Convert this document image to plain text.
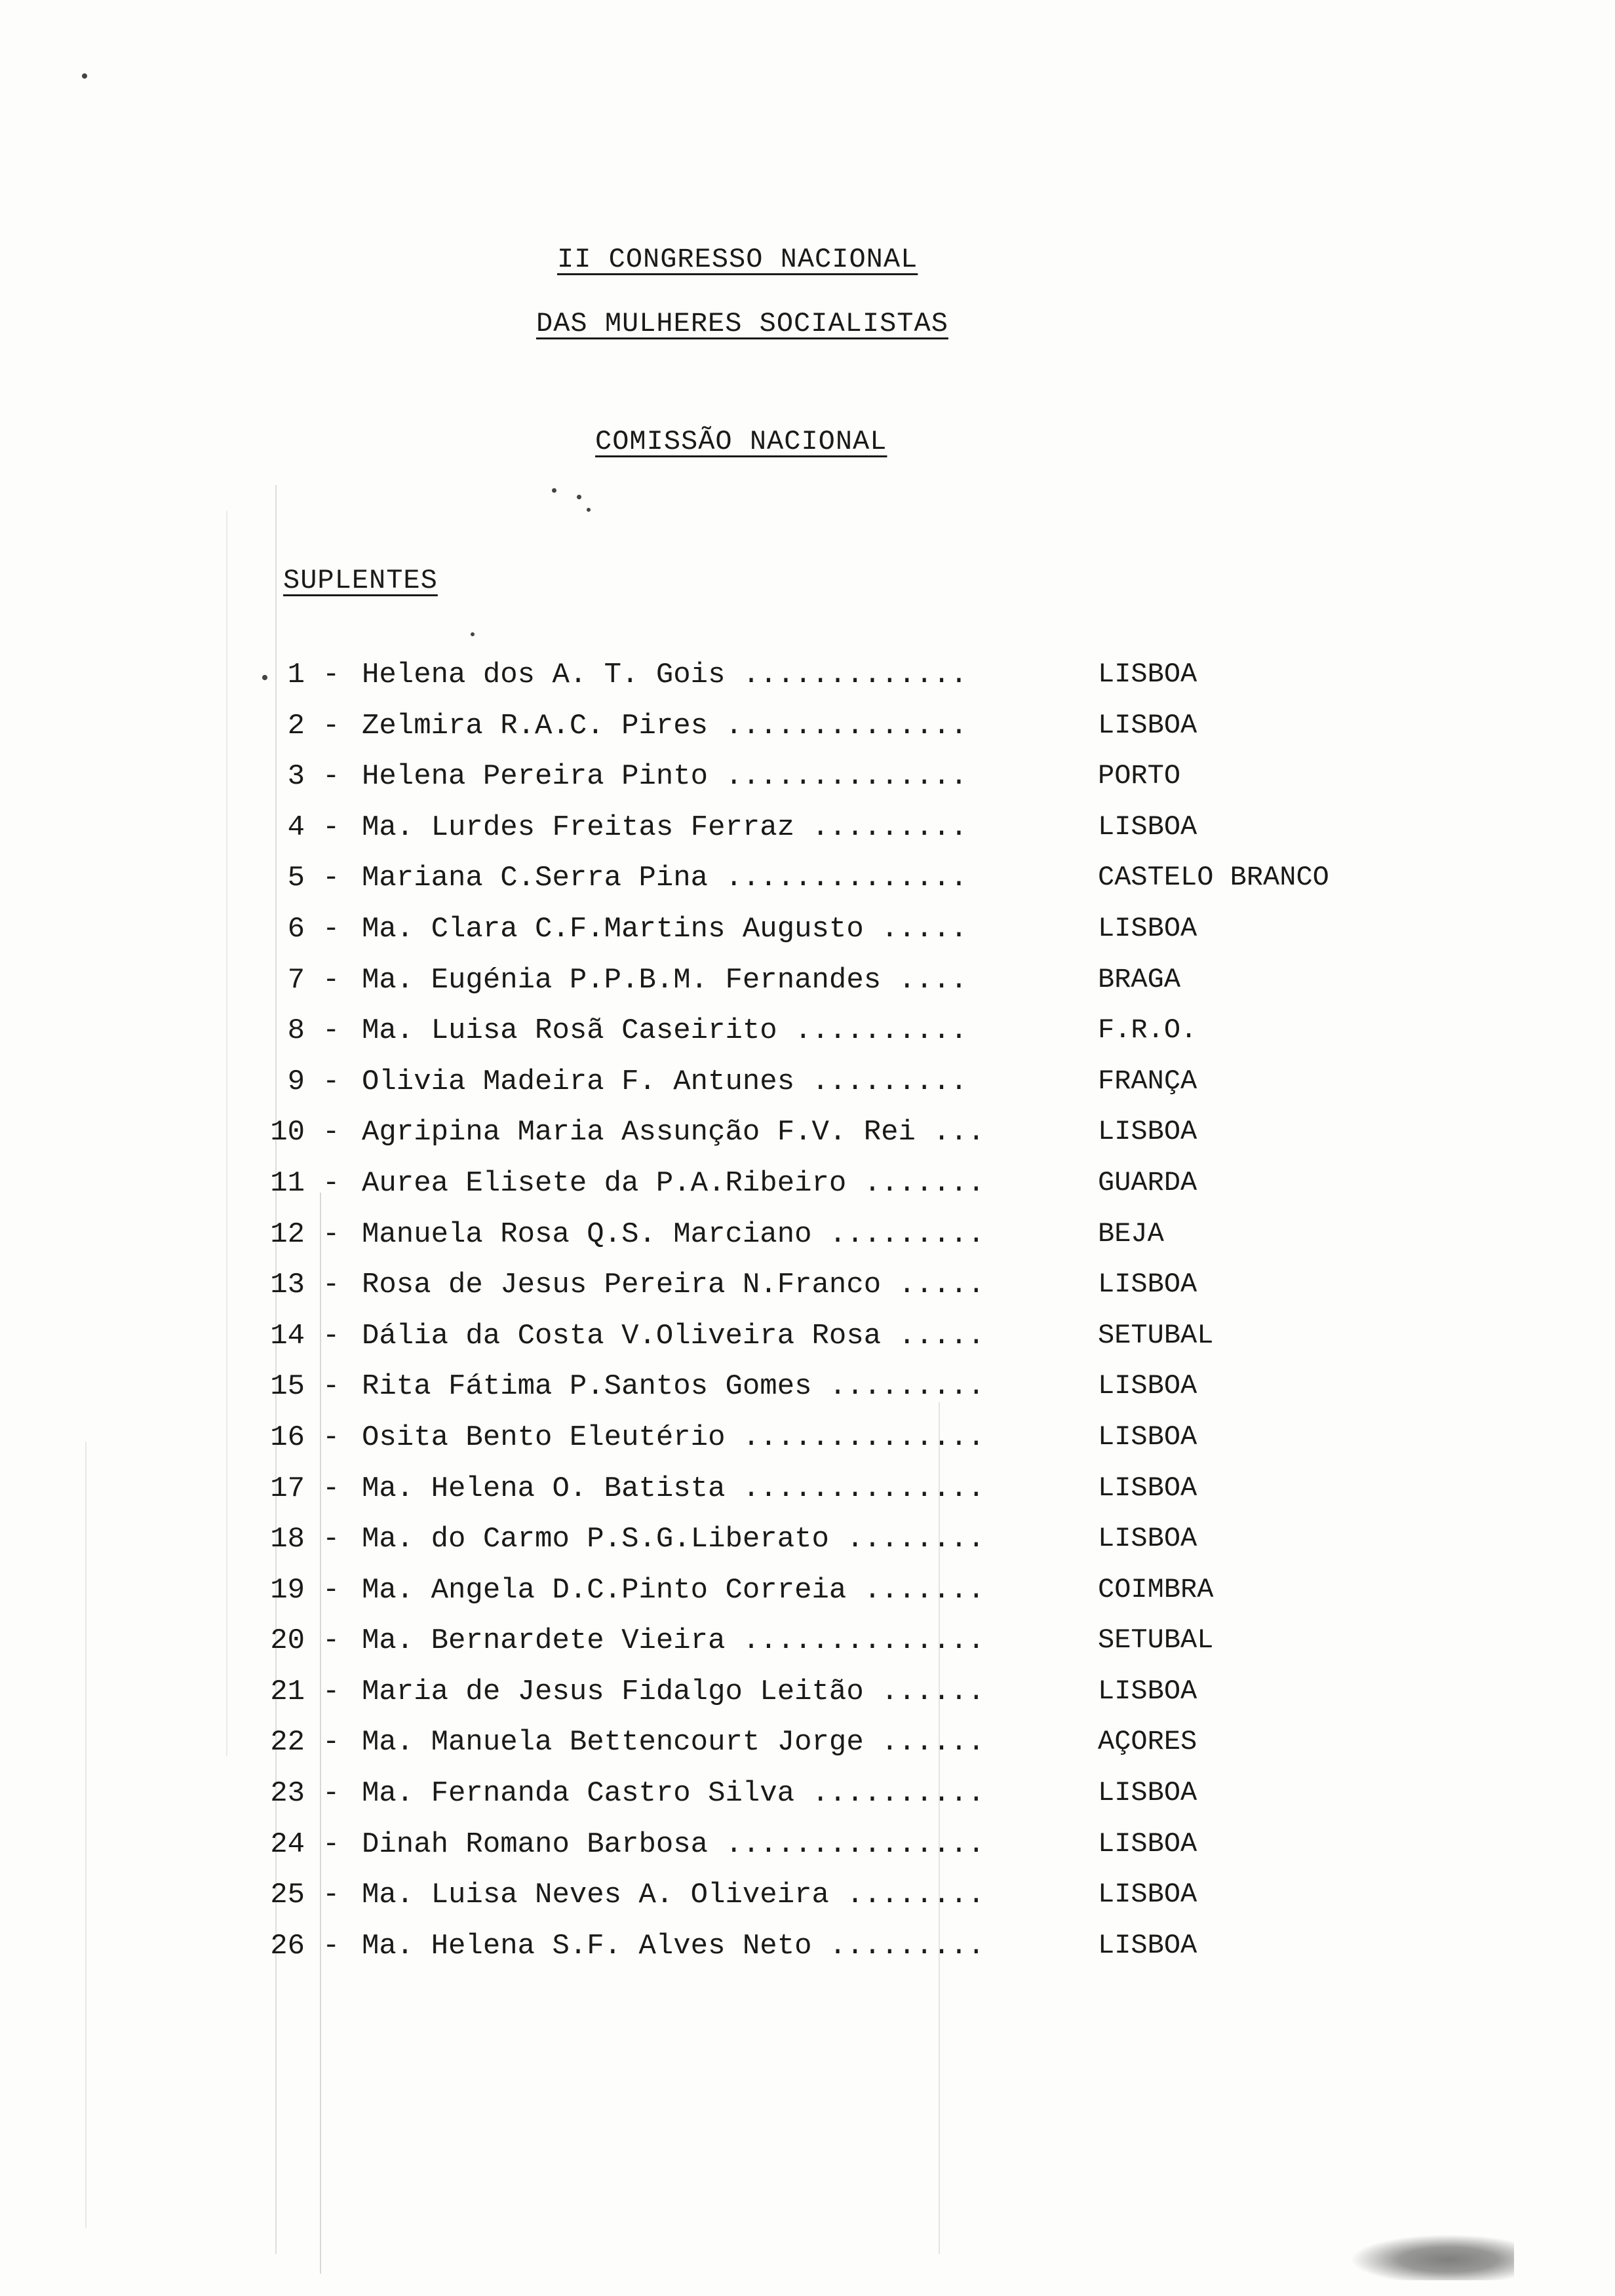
II CONGRESSO NACIONAL
DAS MULHERES SOCIALISTAS
COMISSÃO NACIONAL
SUPLENTES
1 - Helena dos A. T. Gois .............	LISBOA
2 - Zelmira R.A.C. Pires ..............	LISBOA
3 - Helena Pereira Pinto ..............	PORTO
4 - Ma. Lurdes Freitas Ferraz .........	LISBOA
5 - Mariana C.Serra Pina ..............	CASTELO BRANCO
6 - Ma. Clara C.F.Martins Augusto .....	LISBOA
7 - Ma. Eugénia P.P.B.M. Fernandes ....	BRAGA
8 - Ma. Luisa Rosã Caseirito ..........	F.R.O.
9 - Olivia Madeira F. Antunes .........	FRANÇA
10 - Agripina Maria Assunção F.V. Rei ...	LISBOA
11 - Aurea Elisete da P.A.Ribeiro .......	GUARDA
12 - Manuela Rosa Q.S. Marciano .........	BEJA
13 - Rosa de Jesus Pereira N.Franco .....	LISBOA
14 - Dália da Costa V.Oliveira Rosa .....	SETUBAL
15 - Rita Fátima P.Santos Gomes .........	LISBOA
16 - Osita Bento Eleutério ..............	LISBOA
17 - Ma. Helena O. Batista ..............	LISBOA
18 - Ma. do Carmo P.S.G.Liberato ........	LISBOA
19 - Ma. Angela D.C.Pinto Correia .......	COIMBRA
20 - Ma. Bernardete Vieira ..............	SETUBAL
21 - Maria de Jesus Fidalgo Leitão ......	LISBOA
22 - Ma. Manuela Bettencourt Jorge ......	AÇORES
23 - Ma. Fernanda Castro Silva ..........	LISBOA
24 - Dinah Romano Barbosa ...............	LISBOA
25 - Ma. Luisa Neves A. Oliveira ........	LISBOA
26 - Ma. Helena S.F. Alves Neto .........	LISBOA
